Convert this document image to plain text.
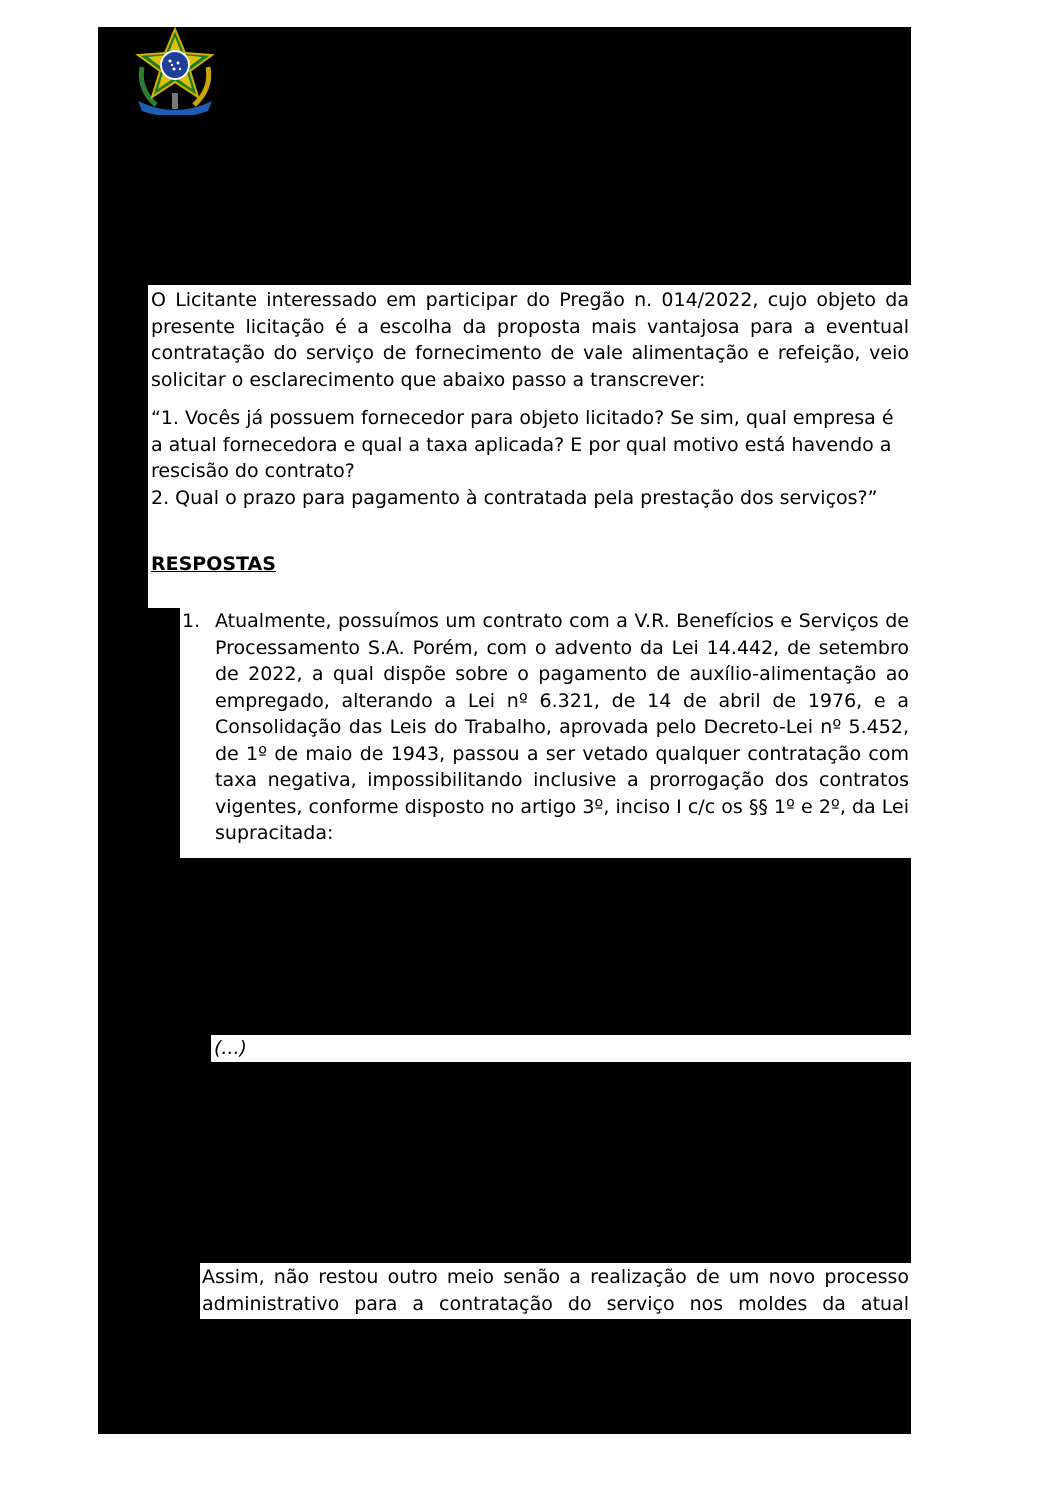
O Licitante interessado em participar do Pregão n. 014/2022, cujo objeto da presente licitação é a escolha da proposta mais vantajosa para a eventual contratação do serviço de fornecimento de vale alimentação e refeição, veio solicitar o esclarecimento que abaixo passo a transcrever:

“1. Vocês já possuem fornecedor para objeto licitado? Se sim, qual empresa é a atual fornecedora e qual a taxa aplicada? E por qual motivo está havendo a rescisão do contrato?

2. Qual o prazo para pagamento à contratada pela prestação dos serviços?”

RESPOSTAS
1. Atualmente, possuímos um contrato com a V.R. Benefícios e Serviços de Processamento S.A. Porém, com o advento da Lei 14.442, de setembro de 2022, a qual dispõe sobre o pagamento de auxílio-alimentação ao empregado, alterando a Lei nº 6.321, de 14 de abril de 1976, e a Consolidação das Leis do Trabalho, aprovada pelo Decreto-Lei nº 5.452, de 1º de maio de 1943, passou a ser vetado qualquer contratação com taxa negativa, impossibilitando inclusive a prorrogação dos contratos vigentes, conforme disposto no artigo 3º, inciso I c/c os §§ 1º e 2º, da Lei supracitada:
(...)
Assim, não restou outro meio senão a realização de um novo processo administrativo para a contratação do serviço nos moldes da atual legislação,
